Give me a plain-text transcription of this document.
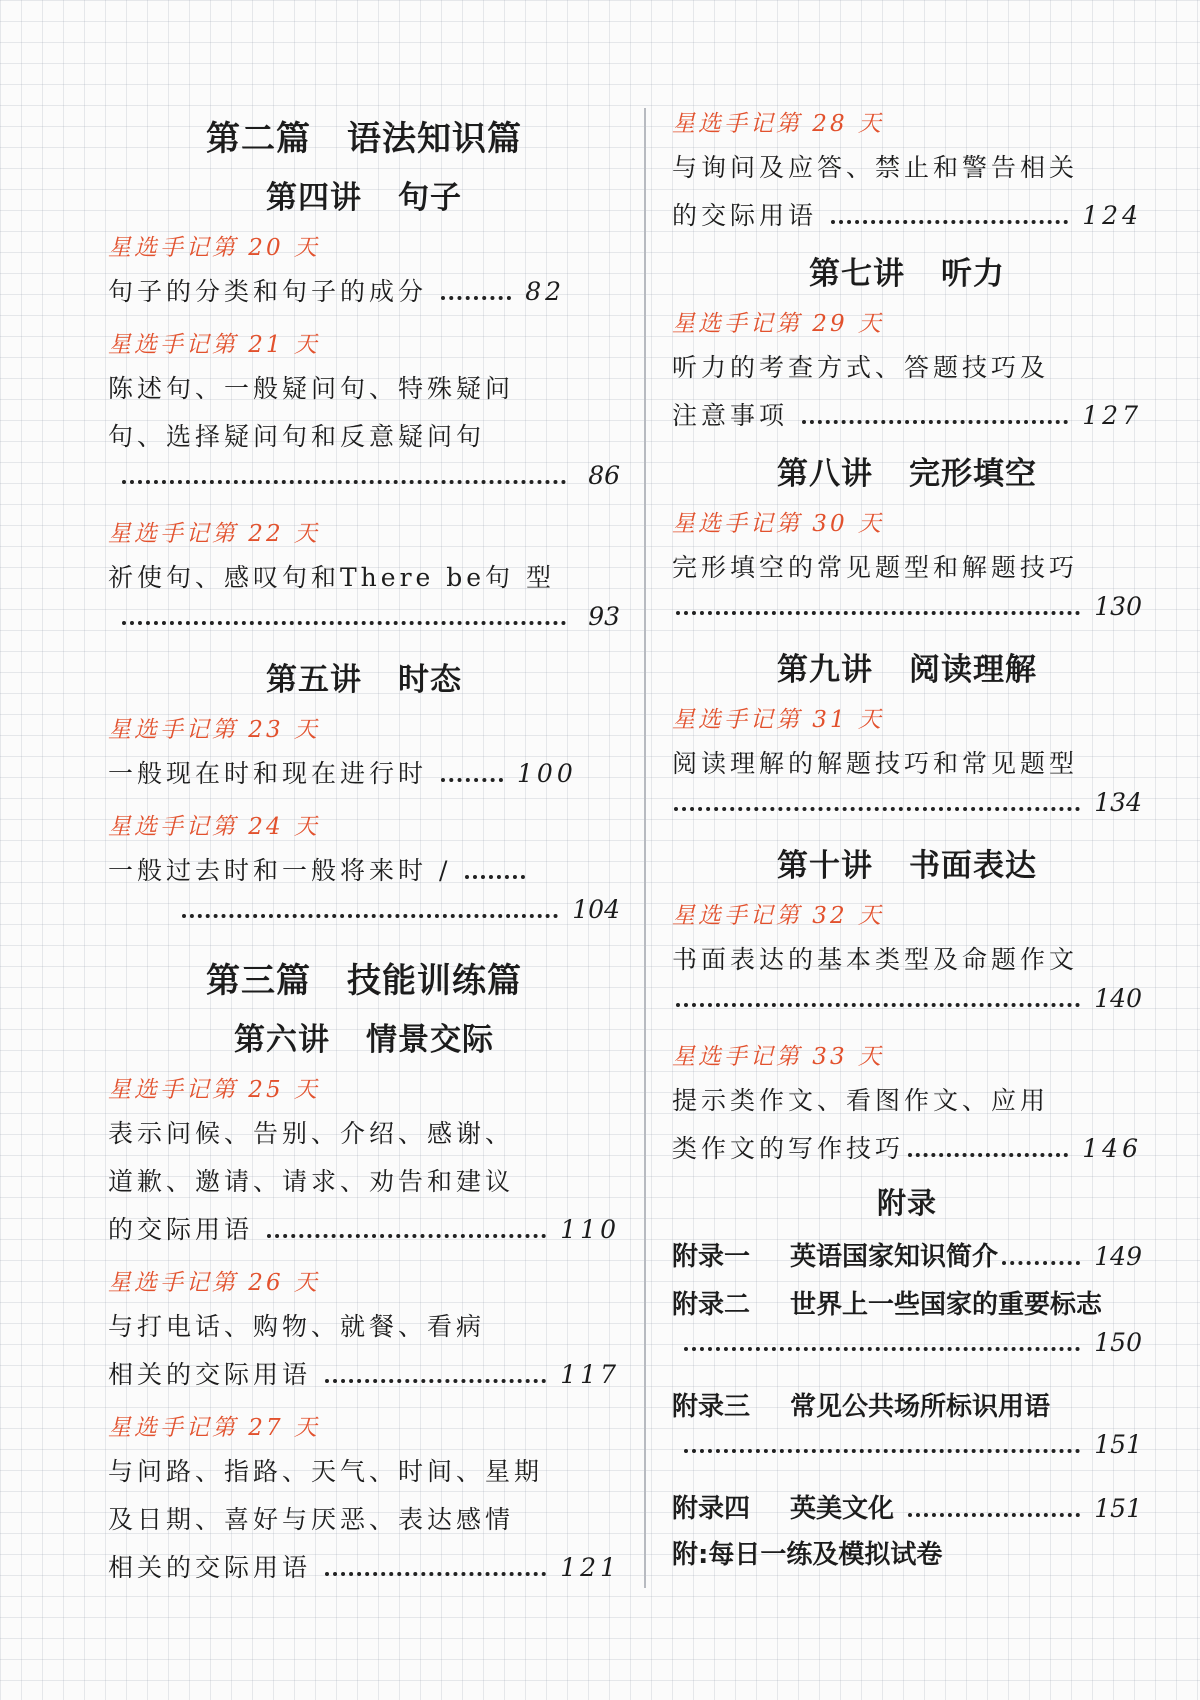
第二篇 语法知识篇
第四讲 句子
星选手记第 20 天
句子的分类和句子的成分	82
星选手记第 21 天
陈述句、一般疑问句、特殊疑问
句、选择疑问句和反意疑问句
86
星选手记第 22 天
祈使句、感叹句和There be句 型
93
第五讲 时态
星选手记第 23 天
一般现在时和现在进行时	100
星选手记第 24 天
一般过去时和一般将来时 /
104
第三篇 技能训练篇
第六讲 情景交际
星选手记第 25 天
表示问候、告别、介绍、感谢、
道歉、邀请、请求、劝告和建议
的交际用语	110
星选手记第 26 天
与打电话、购物、就餐、看病
相关的交际用语	117
星选手记第 27 天
与问路、指路、天气、时间、星期
及日期、喜好与厌恶、表达感情
相关的交际用语	121
星选手记第 28 天
与询问及应答、禁止和警告相关
的交际用语	124
第七讲 听力
星选手记第 29 天
听力的考查方式、答题技巧及
注意事项	127
第八讲 完形填空
星选手记第 30 天
完形填空的常见题型和解题技巧
130
第九讲 阅读理解
星选手记第 31 天
阅读理解的解题技巧和常见题型
134
第十讲 书面表达
星选手记第 32 天
书面表达的基本类型及命题作文
140
星选手记第 33 天
提示类作文、看图作文、应用
类作文的写作技巧	146
附录
附录一	英语国家知识简介	149
附录二	世界上一些国家的重要标志
150
附录三	常见公共场所标识用语
151
附录四	英美文化	151
附:每日一练及模拟试卷
